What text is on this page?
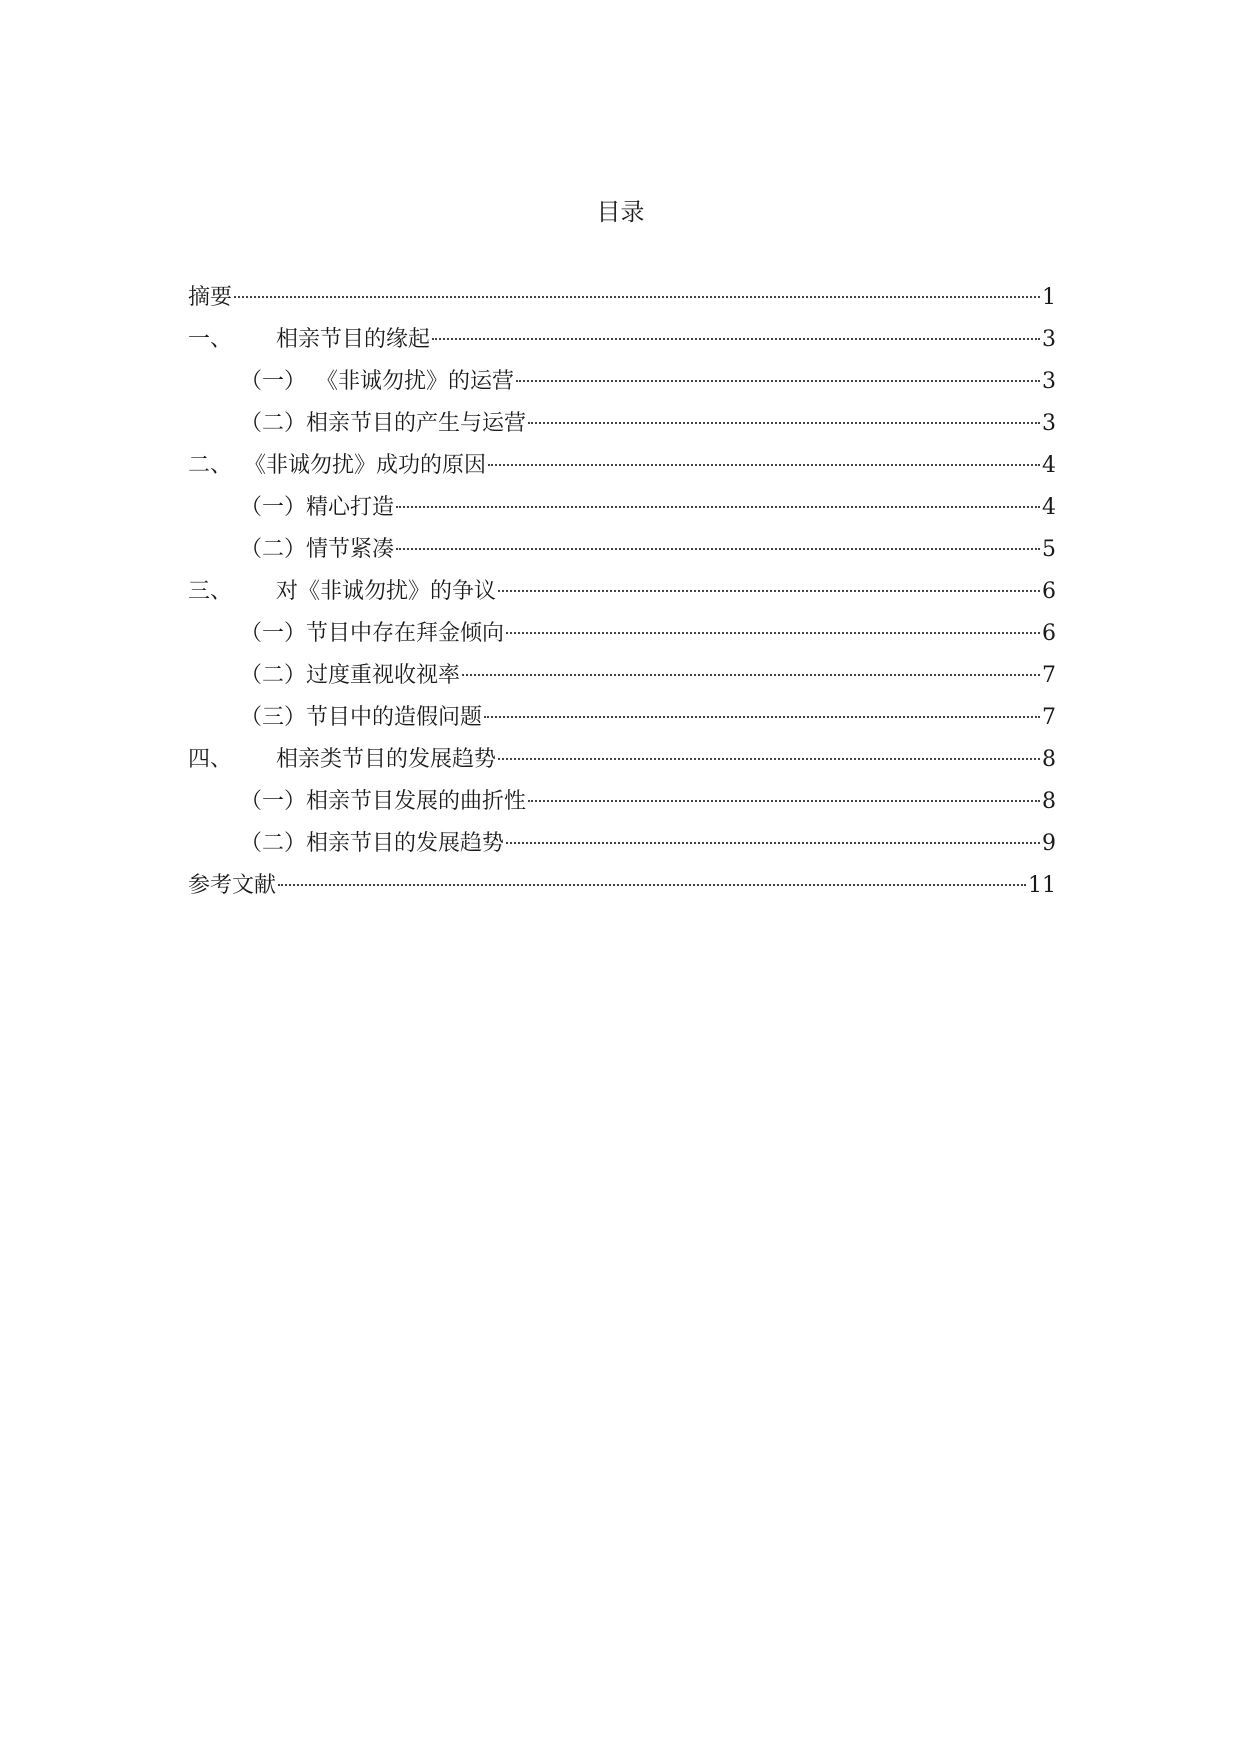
目录
摘要	1
一、	相亲节目的缘起	3
（一） 《非诚勿扰》的运营	3
（二） 相亲节目的产生与运营	3
二、 《非诚勿扰》成功的原因	4
（一） 精心打造	4
（二） 情节紧凑	5
三、	对《非诚勿扰》的争议	6
（一） 节目中存在拜金倾向	6
（二） 过度重视收视率	7
（三） 节目中的造假问题	7
四、	相亲类节目的发展趋势	8
（一） 相亲节目发展的曲折性	8
（二） 相亲节目的发展趋势	9
参考文献	11
